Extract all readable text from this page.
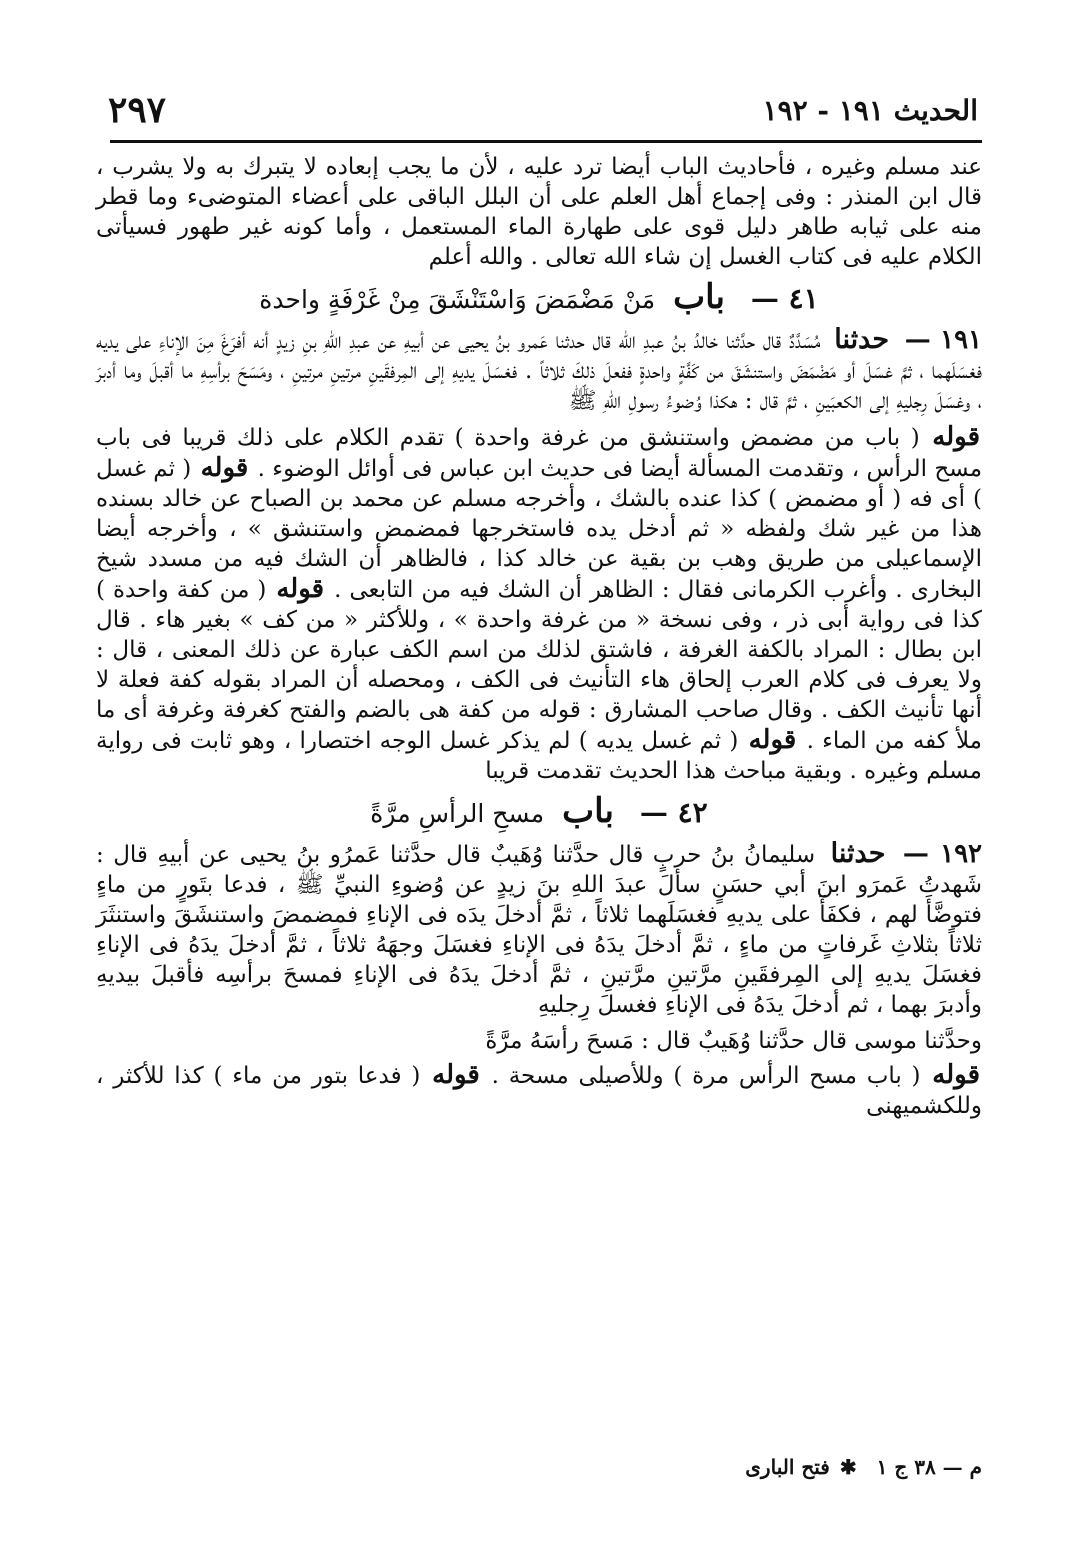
الحديث ١٩١ - ١٩٢
٢٩٧

عند مسلم وغيره ، فأحاديث الباب أيضا ترد عليه ، لأن ما يجب إبعاده لا يتبرك به ولا يشرب ، قال ابن المنذر : وفى إجماع أهل العلم على أن البلل الباقى على أعضاء المتوضىء وما قطر منه على ثيابه طاهر دليل قوى على طهارة الماء المستعمل ، وأما كونه غير طهور فسيأتى الكلام عليه فى كتاب الغسل إن شاء الله تعالى . والله أعلم

٤١ — باب مَنْ مَضْمَضَ وَاسْتَنْشَقَ مِنْ غَرْفَةٍ واحدة

١٩١ — حدثنا مُسَدَّدٌ قال حدَّثنا خالدُ بنُ عبدِ الله قال حدثنا عَمرو بنُ يحيى عن أبيهِ عن عبدِ اللهِ بنِ زيدٍ أنه أفرَغَ مِنَ الإناءِ على يديه فغسَلَهما ، ثمَّ غسَلَ أو مَضْمَضَ واستنشَقَ من كَفَّةٍ واحدةٍ ففعلَ ذلكَ ثلاثاً . فغسَلَ يديهِ إلى المِرفقَينِ مرتينِ مرتينِ ، ومَسَحَ برأسِهِ ما أقبلَ وما أدبرَ ، وغسَلَ رِجليهِ إلى الكعبَينِ ، ثمَّ قال : هكذا وُضوءُ رسولِ اللهِ ﷺ

قوله ( باب من مضمض واستنشق من غرفة واحدة ) تقدم الكلام على ذلك قريبا فى باب مسح الرأس ، وتقدمت المسألة أيضا فى حديث ابن عباس فى أوائل الوضوء . قوله ( ثم غسل ) أى فه ( أو مضمض ) كذا عنده بالشك ، وأخرجه مسلم عن محمد بن الصباح عن خالد بسنده هذا من غير شك ولفظه « ثم أدخل يده فاستخرجها فمضمض واستنشق » ، وأخرجه أيضا الإسماعيلى من طريق وهب بن بقية عن خالد كذا ، فالظاهر أن الشك فيه من مسدد شيخ البخارى . وأغرب الكرمانى فقال : الظاهر أن الشك فيه من التابعى . قوله ( من كفة واحدة ) كذا فى رواية أبى ذر ، وفى نسخة « من غرفة واحدة » ، وللأكثر « من كف » بغير هاء . قال ابن بطال : المراد بالكفة الغرفة ، فاشتق لذلك من اسم الكف عبارة عن ذلك المعنى ، قال : ولا يعرف فى كلام العرب إلحاق هاء التأنيث فى الكف ، ومحصله أن المراد بقوله كفة فعلة لا أنها تأنيث الكف . وقال صاحب المشارق : قوله من كفة هى بالضم والفتح كغرفة وغرفة أى ما ملأ كفه من الماء . قوله ( ثم غسل يديه ) لم يذكر غسل الوجه اختصارا ، وهو ثابت فى رواية مسلم وغيره . وبقية مباحث هذا الحديث تقدمت قريبا

٤٢ — باب مسحِ الرأسِ مرَّةً

١٩٢ — حدثنا سليمانُ بنُ حربٍ قال حدَّثنا وُهَيبٌ قال حدَّثنا عَمرُو بنُ يحيى عن أبيهِ قال : شَهدتُ عَمرَو ابنَ أبي حسَنٍ سألَ عبدَ اللهِ بنَ زيدٍ عن وُضوءِ النبيِّ ﷺ ، فدعا بتَورٍ من ماءٍ فتوضَّأَ لهم ، فكفَأَ على يديهِ فغسَلَهما ثلاثاً ، ثمَّ أدخلَ يدَه فى الإناءِ فمضمضَ واستنشَقَ واستنثَرَ ثلاثاً بثلاثِ غَرفاتٍ من ماءٍ ، ثمَّ أدخلَ يدَهُ فى الإناءِ فغسَلَ وجهَهُ ثلاثاً ، ثمَّ أدخلَ يدَهُ فى الإناءِ فغسَلَ يديهِ إلى المِرفقَينِ مرَّتينِ مرَّتينِ ، ثمَّ أدخلَ يدَهُ فى الإناءِ فمسحَ برأسِه فأقبلَ بيديهِ وأدبرَ بهما ، ثم أدخلَ يدَهُ فى الإناءِ فغسلَ رِجليهِ

وحدَّثنا موسى قال حدَّثنا وُهَيبٌ قال : مَسحَ رأسَهُ مرَّةً

قوله ( باب مسح الرأس مرة ) وللأصيلى مسحة . قوله ( فدعا بتور من ماء ) كذا للأكثر ، وللكشميهنى

م — ٣٨ ج ١
✱
فتح البارى
